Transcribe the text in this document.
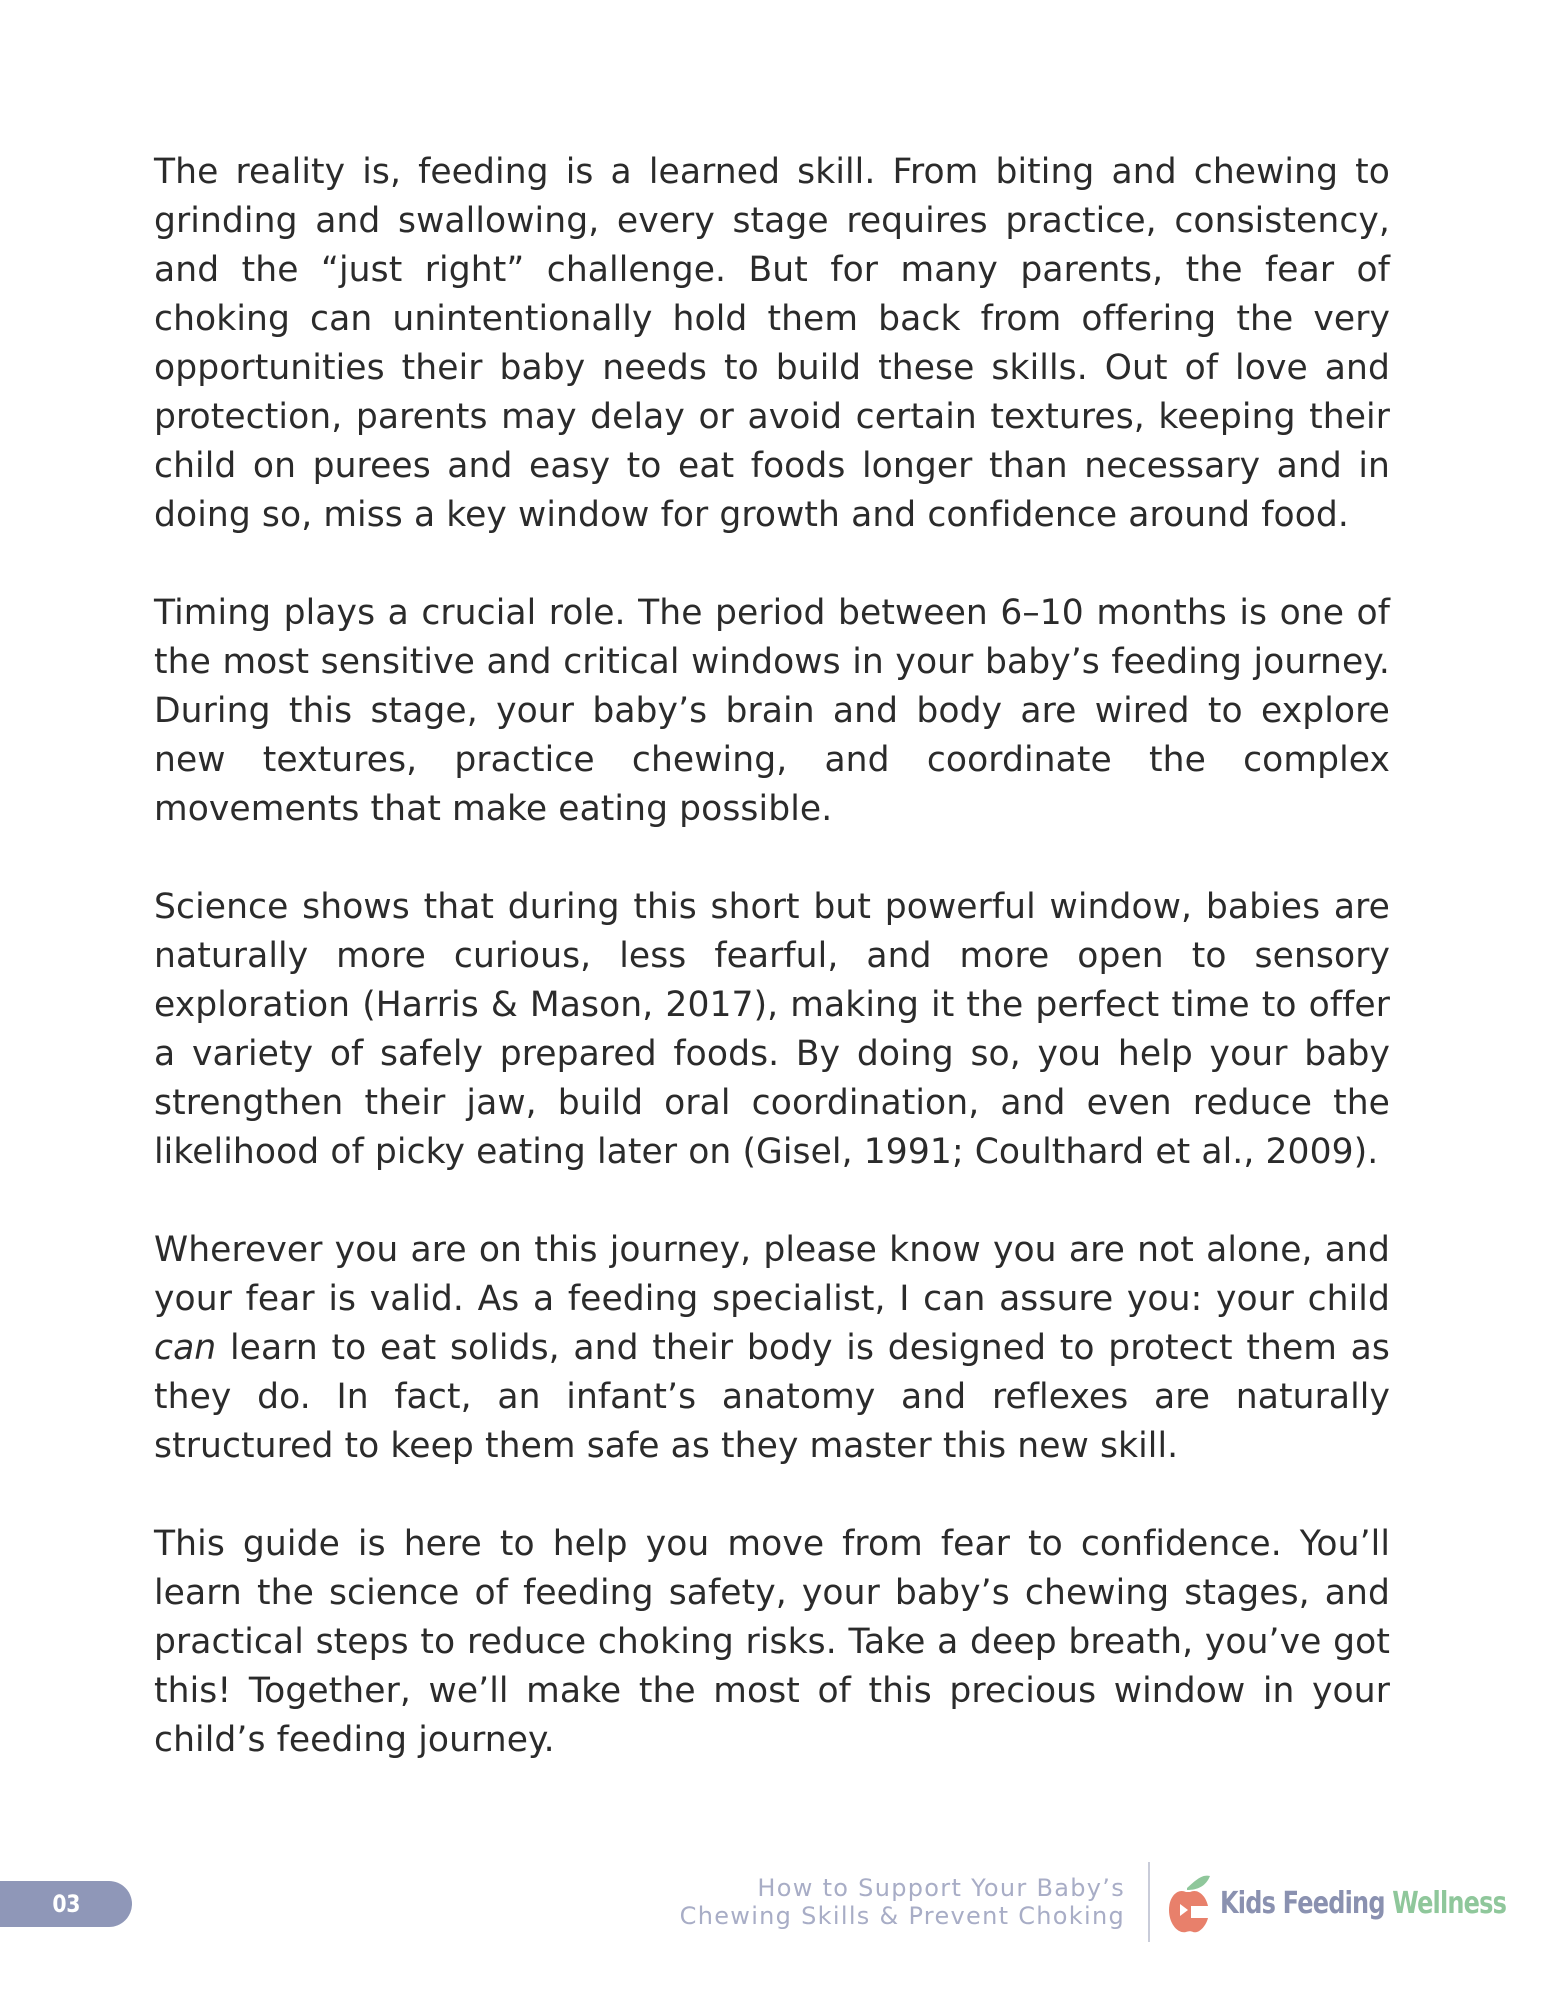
The reality is, feeding is a learned skill. From biting and chewing to grinding and swallowing, every stage requires practice, consistency, and the “just right” challenge. But for many parents, the fear of choking can unintentionally hold them back from offering the very opportunities their baby needs to build these skills. Out of love and protection, parents may delay or avoid certain textures, keeping their child on purees and easy to eat foods longer than necessary and in doing so, miss a key window for growth and confidence around food.

Timing plays a crucial role. The period between 6–10 months is one of the most sensitive and critical windows in your baby’s feeding journey. During this stage, your baby’s brain and body are wired to explore new textures, practice chewing, and coordinate the complex movements that make eating possible.

Science shows that during this short but powerful window, babies are naturally more curious, less fearful, and more open to sensory exploration (Harris & Mason, 2017), making it the perfect time to offer a variety of safely prepared foods. By doing so, you help your baby strengthen their jaw, build oral coordination, and even reduce the likelihood of picky eating later on (Gisel, 1991; Coulthard et al., 2009).

Wherever you are on this journey, please know you are not alone, and your fear is valid. As a feeding specialist, I can assure you: your child can learn to eat solids, and their body is designed to protect them as they do. In fact, an infant’s anatomy and reflexes are naturally structured to keep them safe as they master this new skill.

This guide is here to help you move from fear to confidence. You’ll learn the science of feeding safety, your baby’s chewing stages, and practical steps to reduce choking risks. Take a deep breath, you’ve got this! Together, we’ll make the most of this precious window in your child’s feeding journey.

03
How to Support Your Baby’s
Chewing Skills & Prevent Choking	Kids Feeding Wellness
